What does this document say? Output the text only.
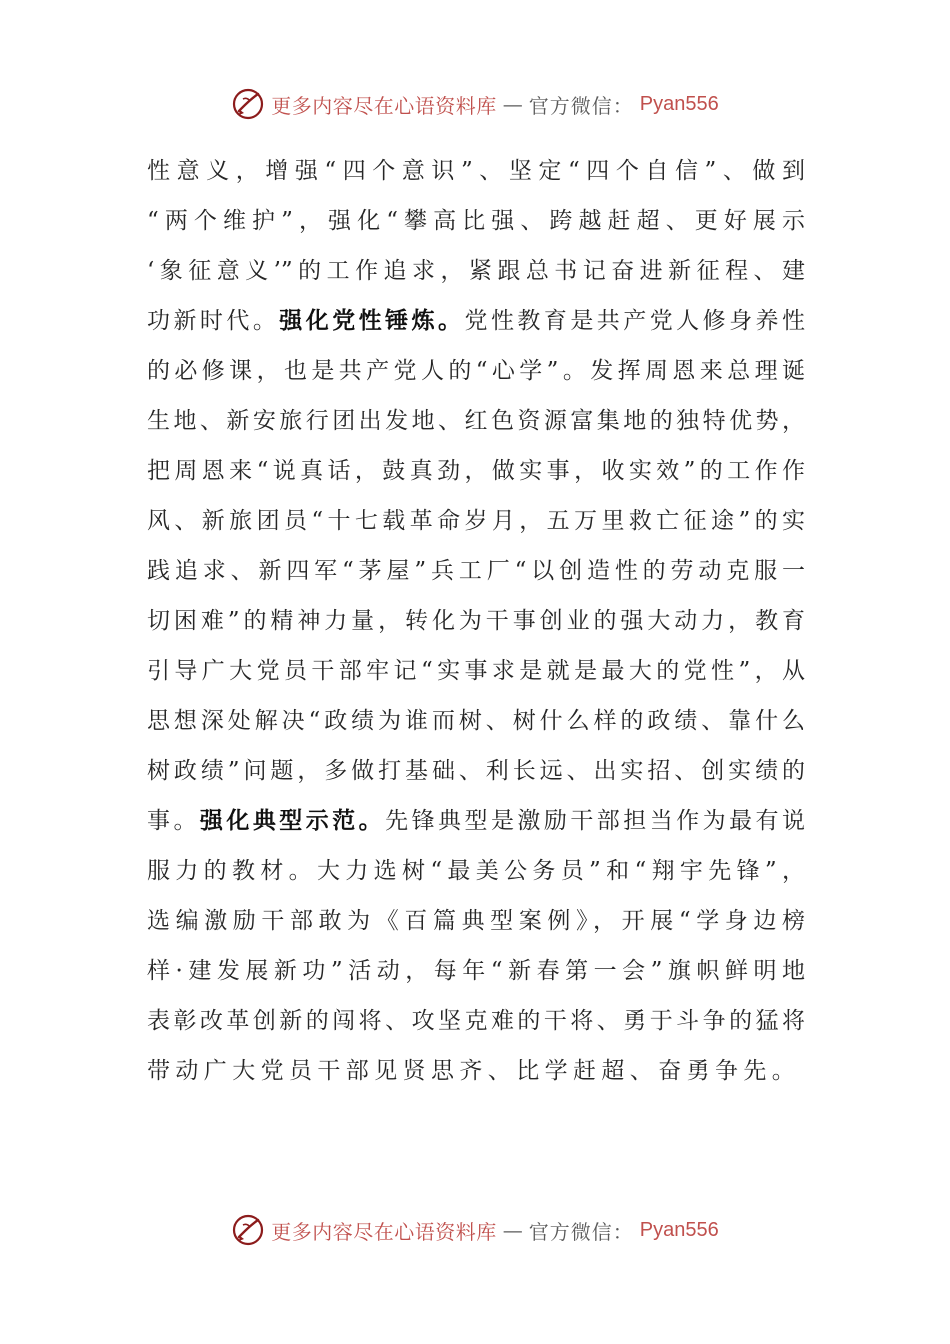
更多内容尽在心语资料库 — 官方微信： Pyan556
性意义，增强“四个意识”、坚定“四个自信”、做到
“两个维护”，强化“攀高比强、跨越赶超、更好展示
‘象征意义’”的工作追求，紧跟总书记奋进新征程、建
功新时代。强化党性锤炼。党性教育是共产党人修身养性
的必修课，也是共产党人的“心学”。发挥周恩来总理诞
生地、新安旅行团出发地、红色资源富集地的独特优势，
把周恩来“说真话，鼓真劲，做实事，收实效”的工作作
风、新旅团员“十七载革命岁月，五万里救亡征途”的实
践追求、新四军“茅屋”兵工厂“以创造性的劳动克服一
切困难”的精神力量，转化为干事创业的强大动力，教育
引导广大党员干部牢记“实事求是就是最大的党性”，从
思想深处解决“政绩为谁而树、树什么样的政绩、靠什么
树政绩”问题，多做打基础、利长远、出实招、创实绩的
事。强化典型示范。先锋典型是激励干部担当作为最有说
服力的教材。大力选树“最美公务员”和“翔宇先锋”，
选编激励干部敢为《百篇典型案例》，开展“学身边榜
样·建发展新功”活动，每年“新春第一会”旗帜鲜明地
表彰改革创新的闯将、攻坚克难的干将、勇于斗争的猛将
带动广大党员干部见贤思齐、比学赶超、奋勇争先。
更多内容尽在心语资料库 — 官方微信： Pyan556
